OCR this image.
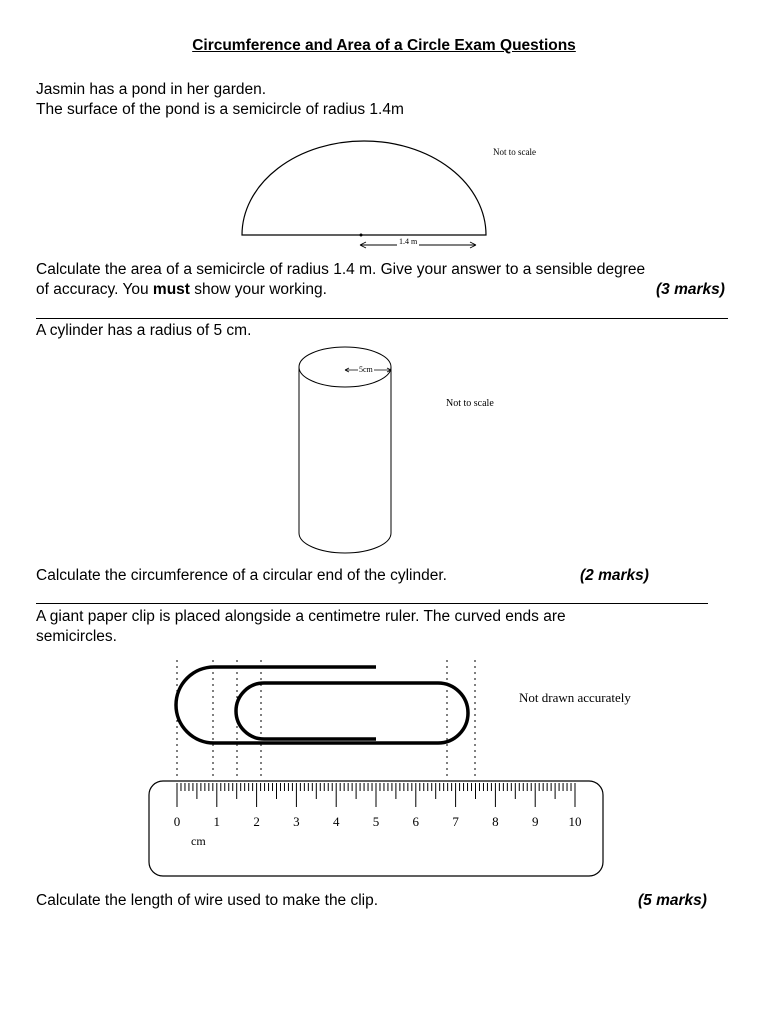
Circumference and Area of a Circle Exam Questions
Jasmin has a pond in her garden.
The surface of the pond is a semicircle of radius 1.4m
1.4 m
Not to scale
Calculate the area of a semicircle of radius 1.4 m. Give your answer to a sensible degree
of accuracy. You must show your working.	(3 marks)
A cylinder has a radius of 5 cm.
5cm
Not to scale
Calculate the circumference of a circular end of the cylinder.	(2 marks)
A giant paper clip is placed alongside a centimetre ruler. The curved ends are
semicircles.
Not drawn accurately
0	1	2	3	4	5	6	7	8	9 10
cm
Calculate the length of wire used to make the clip.	(5 marks)
